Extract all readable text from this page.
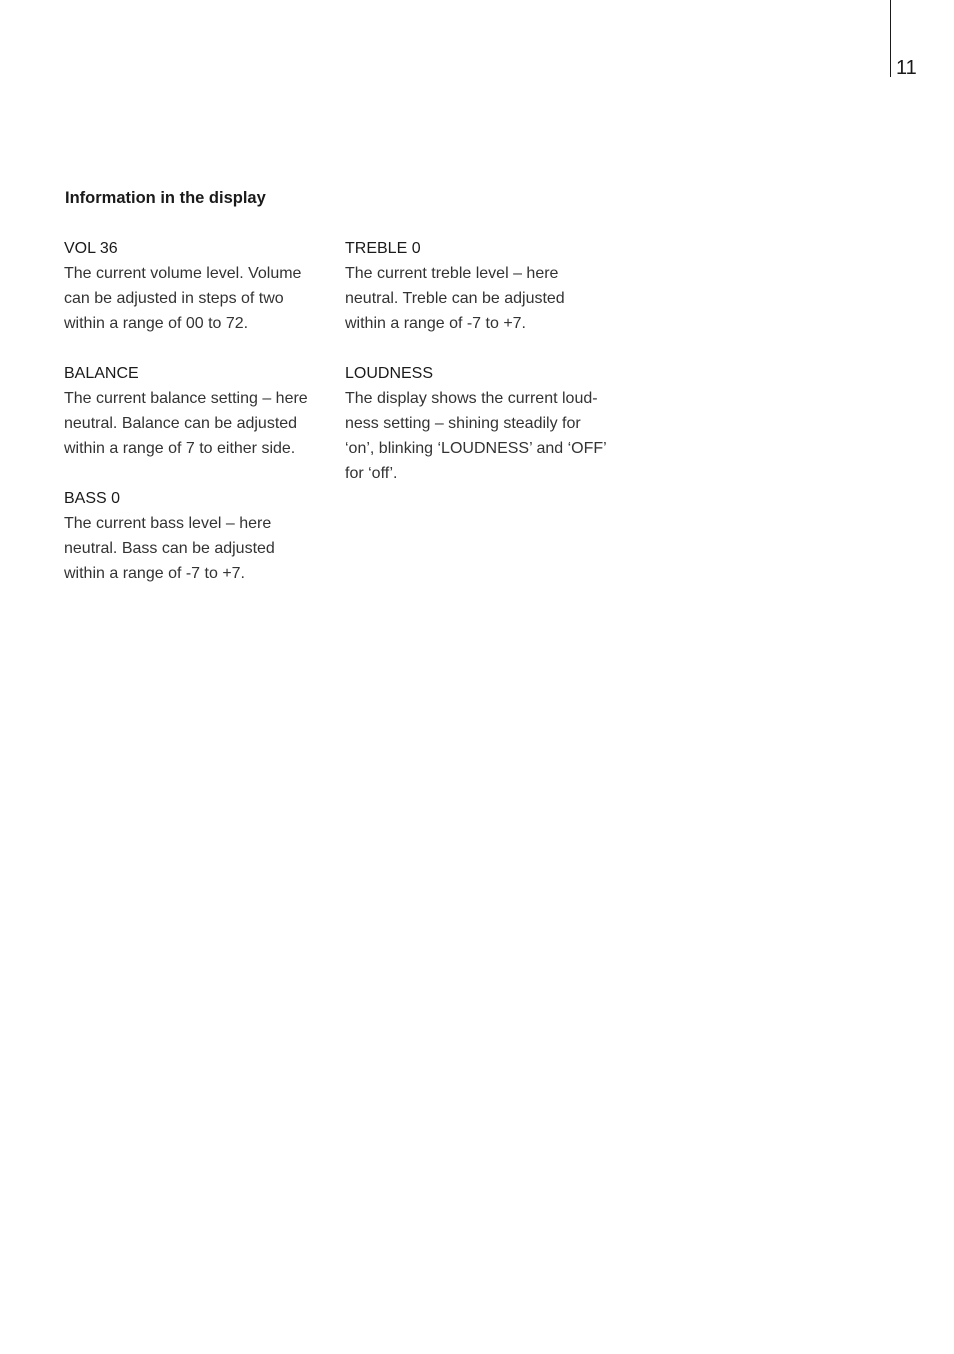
11
Information in the display
VOL 36
The current volume level. Volume
can be adjusted in steps of two
within a range of 00 to 72.
BALANCE
The current balance setting – here
neutral. Balance can be adjusted
within a range of 7 to either side.
BASS 0
The current bass level – here
neutral. Bass can be adjusted
within a range of -7 to +7.
TREBLE 0
The current treble level – here
neutral. Treble can be adjusted
within a range of -7 to +7.
LOUDNESS
The display shows the current loud-
ness setting – shining steadily for
‘on’, blinking ‘LOUDNESS’ and ‘OFF’
for ‘off’.
